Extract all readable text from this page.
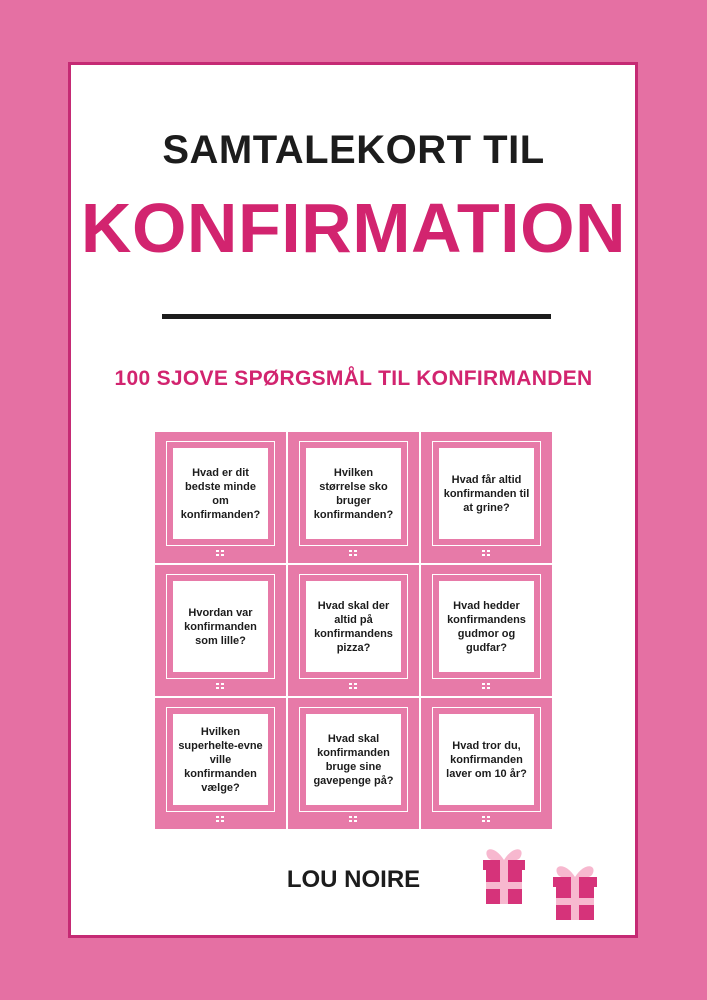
SAMTALEKORT TIL
KONFIRMATION
100 SJOVE SPØRGSMÅL TIL KONFIRMANDEN
Hvad er dit bedste minde om konfirmanden?
Hvilken størrelse sko bruger konfirmanden?
Hvad får altid konfirmanden til at grine?
Hvordan var konfirmanden som lille?
Hvad skal der altid på konfirmandens pizza?
Hvad hedder konfirmandens gudmor og gudfar?
Hvilken superhelte-evne ville konfirmanden vælge?
Hvad skal konfirmanden bruge sine gavepenge på?
Hvad tror du, konfirmanden laver om 10 år?
LOU NOIRE
